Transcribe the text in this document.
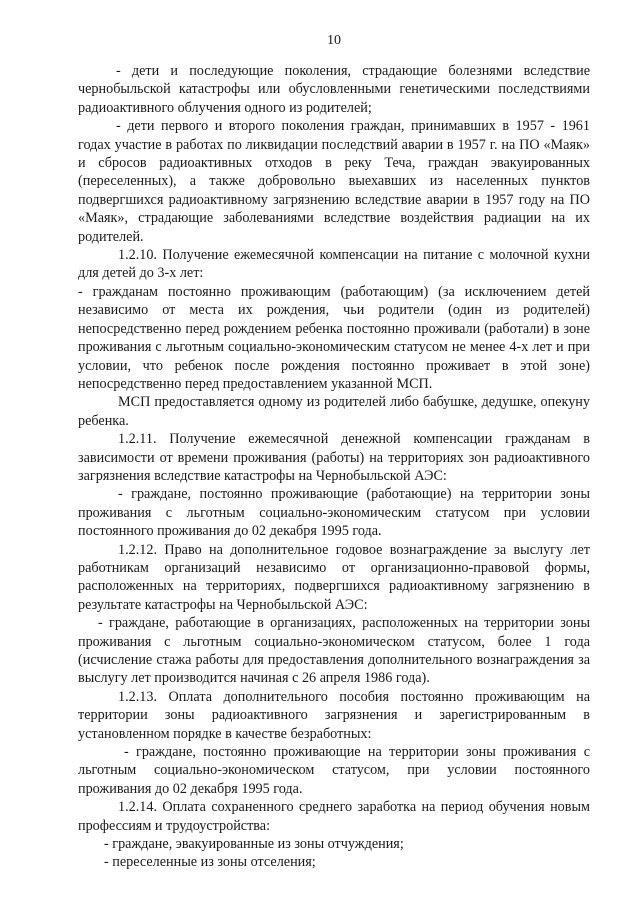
10

- дети и последующие поколения, страдающие болезнями вследствие чернобыльской катастрофы или обусловленными генетическими последствиями радиоактивного облучения одного из родителей;

- дети первого и второго поколения граждан, принимавших в 1957 - 1961 годах участие в работах по ликвидации последствий аварии в 1957 г. на ПО «Маяк» и сбросов радиоактивных отходов в реку Теча, граждан эвакуированных (переселенных), а также добровольно выехавших из населенных пунктов подвергшихся радиоактивному загрязнению вследствие аварии в 1957 году на ПО «Маяк», страдающие заболеваниями вследствие воздействия радиации на их родителей.

1.2.10. Получение ежемесячной компенсации на питание с молочной кухни для детей до 3-х лет:

- гражданам постоянно проживающим (работающим) (за исключением детей независимо от места их рождения, чьи родители (один из родителей) непосредственно перед рождением ребенка постоянно проживали (работали) в зоне проживания с льготным социально-экономическим статусом не менее 4-х лет и при условии, что ребенок после рождения постоянно проживает в этой зоне) непосредственно перед предоставлением указанной МСП.

МСП предоставляется одному из родителей либо бабушке, дедушке, опекуну ребенка.

1.2.11. Получение ежемесячной денежной компенсации гражданам в зависимости от времени проживания (работы) на территориях зон радиоактивного загрязнения вследствие катастрофы на Чернобыльской АЭС:

- граждане, постоянно проживающие (работающие) на территории зоны проживания с льготным социально-экономическим статусом при условии постоянного проживания до 02 декабря 1995 года.

1.2.12. Право на дополнительное годовое вознаграждение за выслугу лет работникам организаций независимо от организационно-правовой формы, расположенных на территориях, подвергшихся радиоактивному загрязнению в результате катастрофы на Чернобыльской АЭС:

- граждане, работающие в организациях, расположенных на территории зоны проживания с льготным социально-экономическом статусом, более 1 года (исчисление стажа работы для предоставления дополнительного вознаграждения за выслугу лет производится начиная с 26 апреля 1986 года).

1.2.13. Оплата дополнительного пособия постоянно проживающим на территории зоны радиоактивного загрязнения и зарегистрированным в установленном порядке в качестве безработных:

- граждане, постоянно проживающие на территории зоны проживания с льготным социально-экономическом статусом, при условии постоянного проживания до 02 декабря 1995 года.

1.2.14. Оплата сохраненного среднего заработка на период обучения новым профессиям и трудоустройства:

- граждане, эвакуированные из зоны отчуждения;

- переселенные из зоны отселения;
